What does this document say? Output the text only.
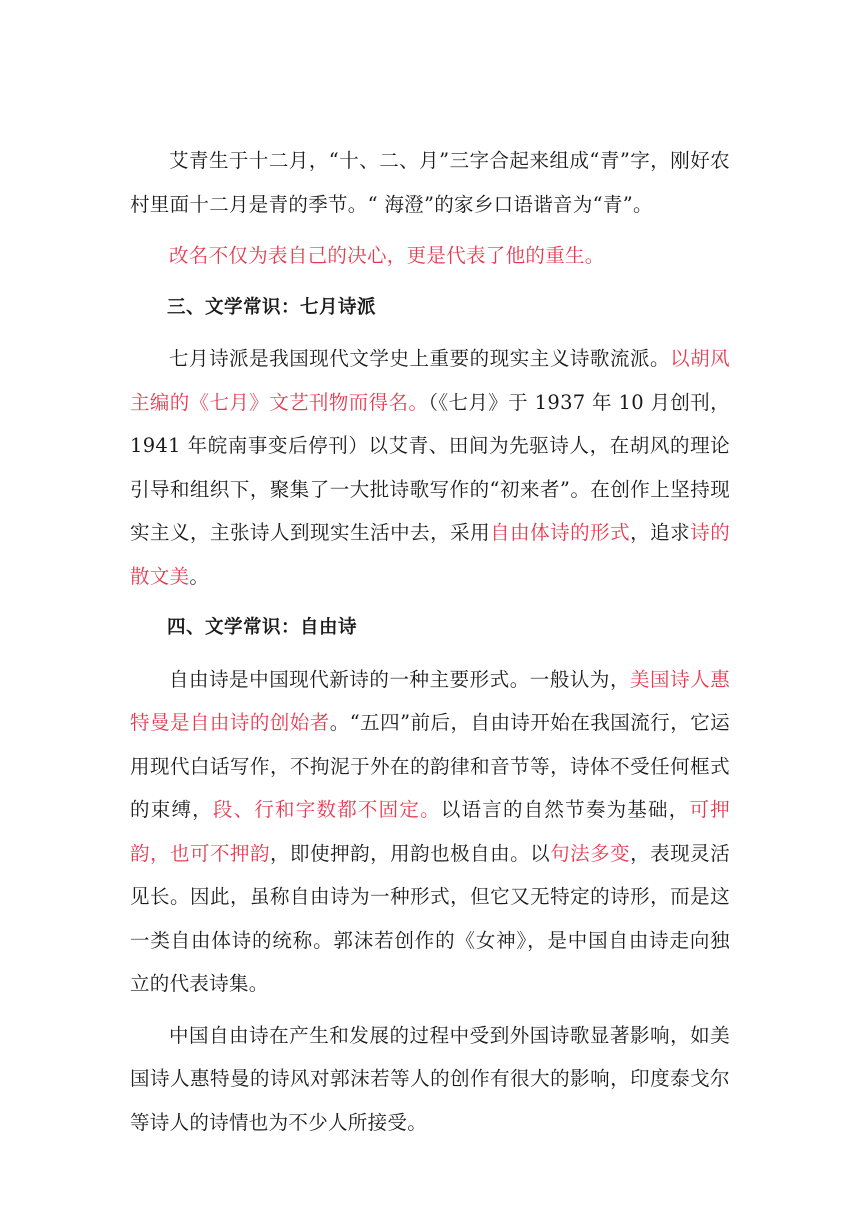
艾青生于十二月，“十、二、月”三字合起来组成“青”字，刚好农村里面十二月是青的季节。“ 海澄”的家乡口语谐音为“青”。

改名不仅为表自己的决心，更是代表了他的重生。

三、文学常识：七月诗派

七月诗派是我国现代文学史上重要的现实主义诗歌流派。以胡风主编的《七月》文艺刊物而得名。（《七月》于 1937 年 10 月创刊，1941 年皖南事变后停刊）以艾青、田间为先驱诗人，在胡风的理论引导和组织下，聚集了一大批诗歌写作的“初来者”。在创作上坚持现实主义，主张诗人到现实生活中去，采用自由体诗的形式，追求诗的散文美。

四、文学常识：自由诗

自由诗是中国现代新诗的一种主要形式。一般认为，美国诗人惠特曼是自由诗的创始者。“五四”前后，自由诗开始在我国流行，它运用现代白话写作，不拘泥于外在的韵律和音节等，诗体不受任何框式的束缚，段、行和字数都不固定。以语言的自然节奏为基础，可押韵，也可不押韵，即使押韵，用韵也极自由。以句法多变，表现灵活见长。因此，虽称自由诗为一种形式，但它又无特定的诗形，而是这一类自由体诗的统称。郭沫若创作的《女神》，是中国自由诗走向独立的代表诗集。

中国自由诗在产生和发展的过程中受到外国诗歌显著影响，如美国诗人惠特曼的诗风对郭沫若等人的创作有很大的影响，印度泰戈尔等诗人的诗情也为不少人所接受。
